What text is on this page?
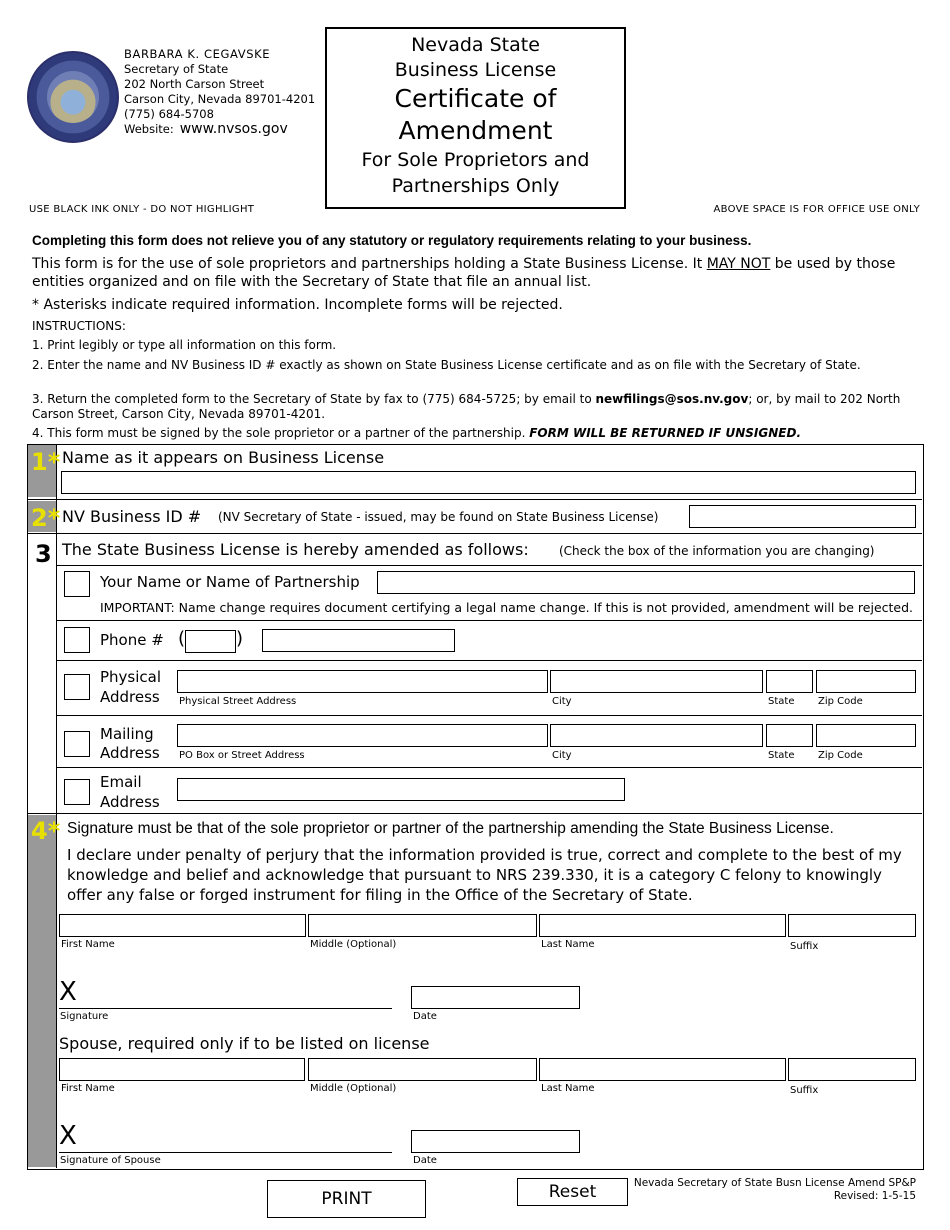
BARBARA K. CEGAVSKE
Secretary of State
202 North Carson Street
Carson City, Nevada 89701-4201
(775) 684-5708
Website: www.nvsos.gov
Nevada State
Business License
Certificate of
Amendment
For Sole Proprietors and
Partnerships Only
USE BLACK INK ONLY - DO NOT HIGHLIGHT	ABOVE SPACE IS FOR OFFICE USE ONLY
Completing this form does not relieve you of any statutory or regulatory requirements relating to your business.
This form is for the use of sole proprietors and partnerships holding a State Business License. It MAY NOT be used by those entities organized and on file with the Secretary of State that file an annual list.
* Asterisks indicate required information. Incomplete forms will be rejected.
INSTRUCTIONS:
1. Print legibly or type all information on this form.
2. Enter the name and NV Business ID # exactly as shown on State Business License certificate and as on file with the Secretary of State.
3. Return the completed form to the Secretary of State by fax to (775) 684-5725; by email to newfilings@sos.nv.gov; or, by mail to 202 North Carson Street, Carson City, Nevada 89701-4201.
4. This form must be signed by the sole proprietor or a partner of the partnership. FORM WILL BE RETURNED IF UNSIGNED.
1* Name as it appears on Business License
2* NV Business ID # (NV Secretary of State - issued, may be found on State Business License)
3 The State Business License is hereby amended as follows:	(Check the box of the information you are changing)
Your Name or Name of Partnership
IMPORTANT: Name change requires document certifying a legal name change. If this is not provided, amendment will be rejected.
Phone # (	)
Physical
Address Physical Street Address	City	State Zip Code
Mailing
Address PO Box or Street Address	City	State Zip Code
Email
Address
4* Signature must be that of the sole proprietor or partner of the partnership amending the State Business License.
I declare under penalty of perjury that the information provided is true, correct and complete to the best of my knowledge and belief and acknowledge that pursuant to NRS 239.330, it is a category C felony to knowingly offer any false or forged instrument for filing in the Office of the Secretary of State.
First Name	Middle (Optional)	Last Name	Suffix
X
Signature	Date
Spouse, required only if to be listed on license
First Name	Middle (Optional)	Last Name	Suffix
X
Signature of Spouse	Date
PRINT	Reset	Nevada Secretary of State Busn License Amend SP&P
Revised: 1-5-15
